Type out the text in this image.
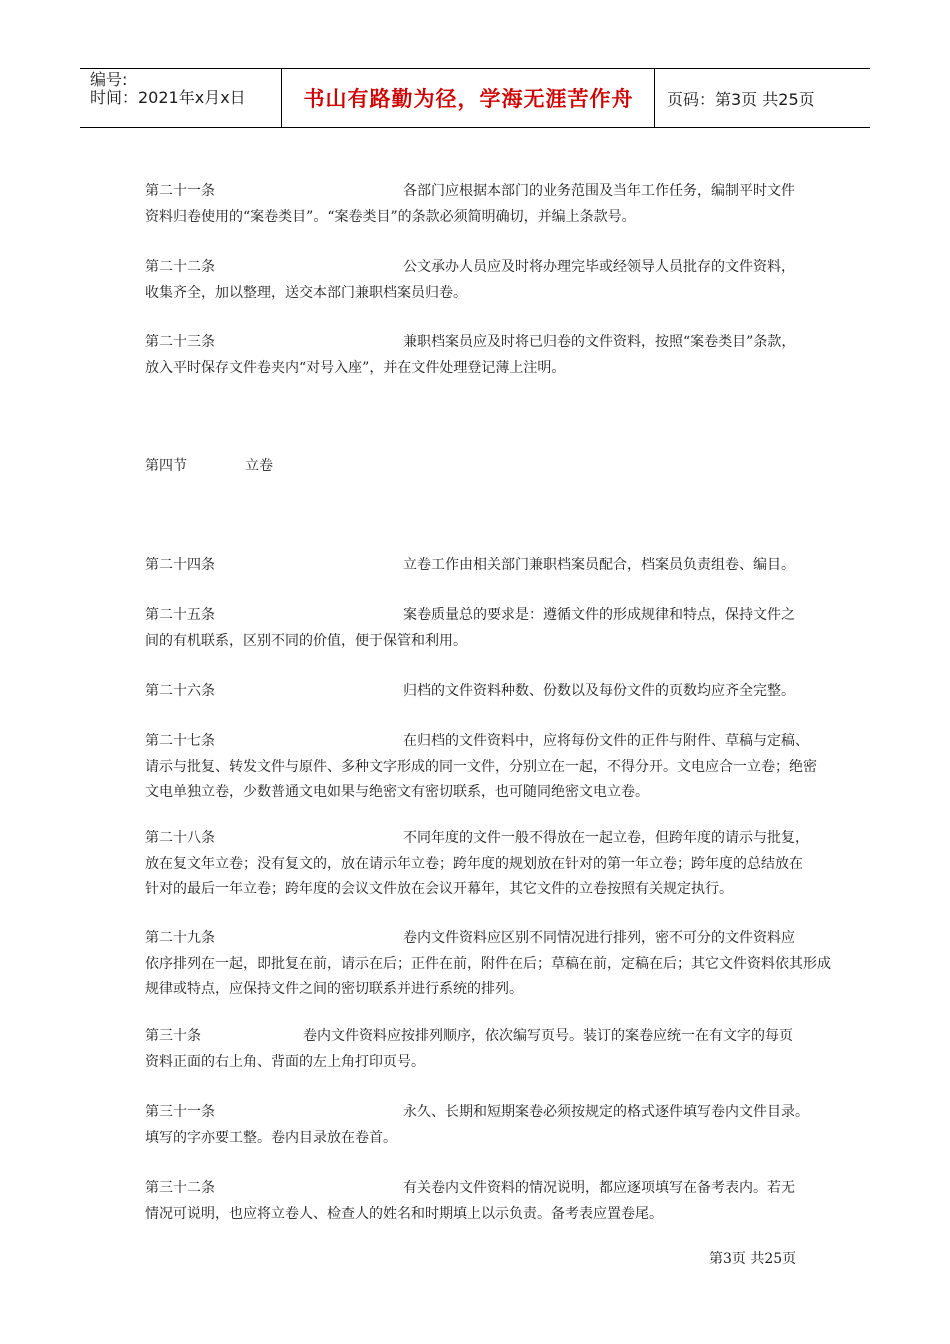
编号:
时间：2021年x月x日	书山有路勤为径，学海无涯苦作舟	页码：第3页 共25页
第二十一条	各部门应根据本部门的业务范围及当年工作任务，编制平时文件
资料归卷使用的“案卷类目”。“案卷类目”的条款必须简明确切，并编上条款号。
第二十二条	公文承办人员应及时将办理完毕或经领导人员批存的文件资料，
收集齐全，加以整理，送交本部门兼职档案员归卷。
第二十三条	兼职档案员应及时将已归卷的文件资料，按照“案卷类目”条款，
放入平时保存文件卷夹内“对号入座”，并在文件处理登记薄上注明。
第二十四条	立卷工作由相关部门兼职档案员配合，档案员负责组卷、编目。
第二十五条	案卷质量总的要求是：遵循文件的形成规律和特点，保持文件之
间的有机联系，区别不同的价值，便于保管和利用。
第二十六条	归档的文件资料种数、份数以及每份文件的页数均应齐全完整。
第二十七条	在归档的文件资料中，应将每份文件的正件与附件、草稿与定稿、
请示与批复、转发文件与原件、多种文字形成的同一文件，分别立在一起，不得分开。文电应合一立卷；绝密
文电单独立卷，少数普通文电如果与绝密文有密切联系，也可随同绝密文电立卷。
第二十八条	不同年度的文件一般不得放在一起立卷，但跨年度的请示与批复，
放在复文年立卷；没有复文的，放在请示年立卷；跨年度的规划放在针对的第一年立卷；跨年度的总结放在
针对的最后一年立卷；跨年度的会议文件放在会议开幕年，其它文件的立卷按照有关规定执行。
第二十九条	卷内文件资料应区别不同情况进行排列，密不可分的文件资料应
依序排列在一起，即批复在前，请示在后；正件在前，附件在后；草稿在前，定稿在后；其它文件资料依其形成
规律或特点，应保持文件之间的密切联系并进行系统的排列。
第三十条	卷内文件资料应按排列顺序，依次编写页号。装订的案卷应统一在有文字的每页
资料正面的右上角、背面的左上角打印页号。
第三十一条	永久、长期和短期案卷必须按规定的格式逐件填写卷内文件目录。
填写的字亦要工整。卷内目录放在卷首。
第三十二条	有关卷内文件资料的情况说明，都应逐项填写在备考表内。若无
情况可说明，也应将立卷人、检查人的姓名和时期填上以示负责。备考表应置卷尾。
第四节	立卷
第3页 共25页
